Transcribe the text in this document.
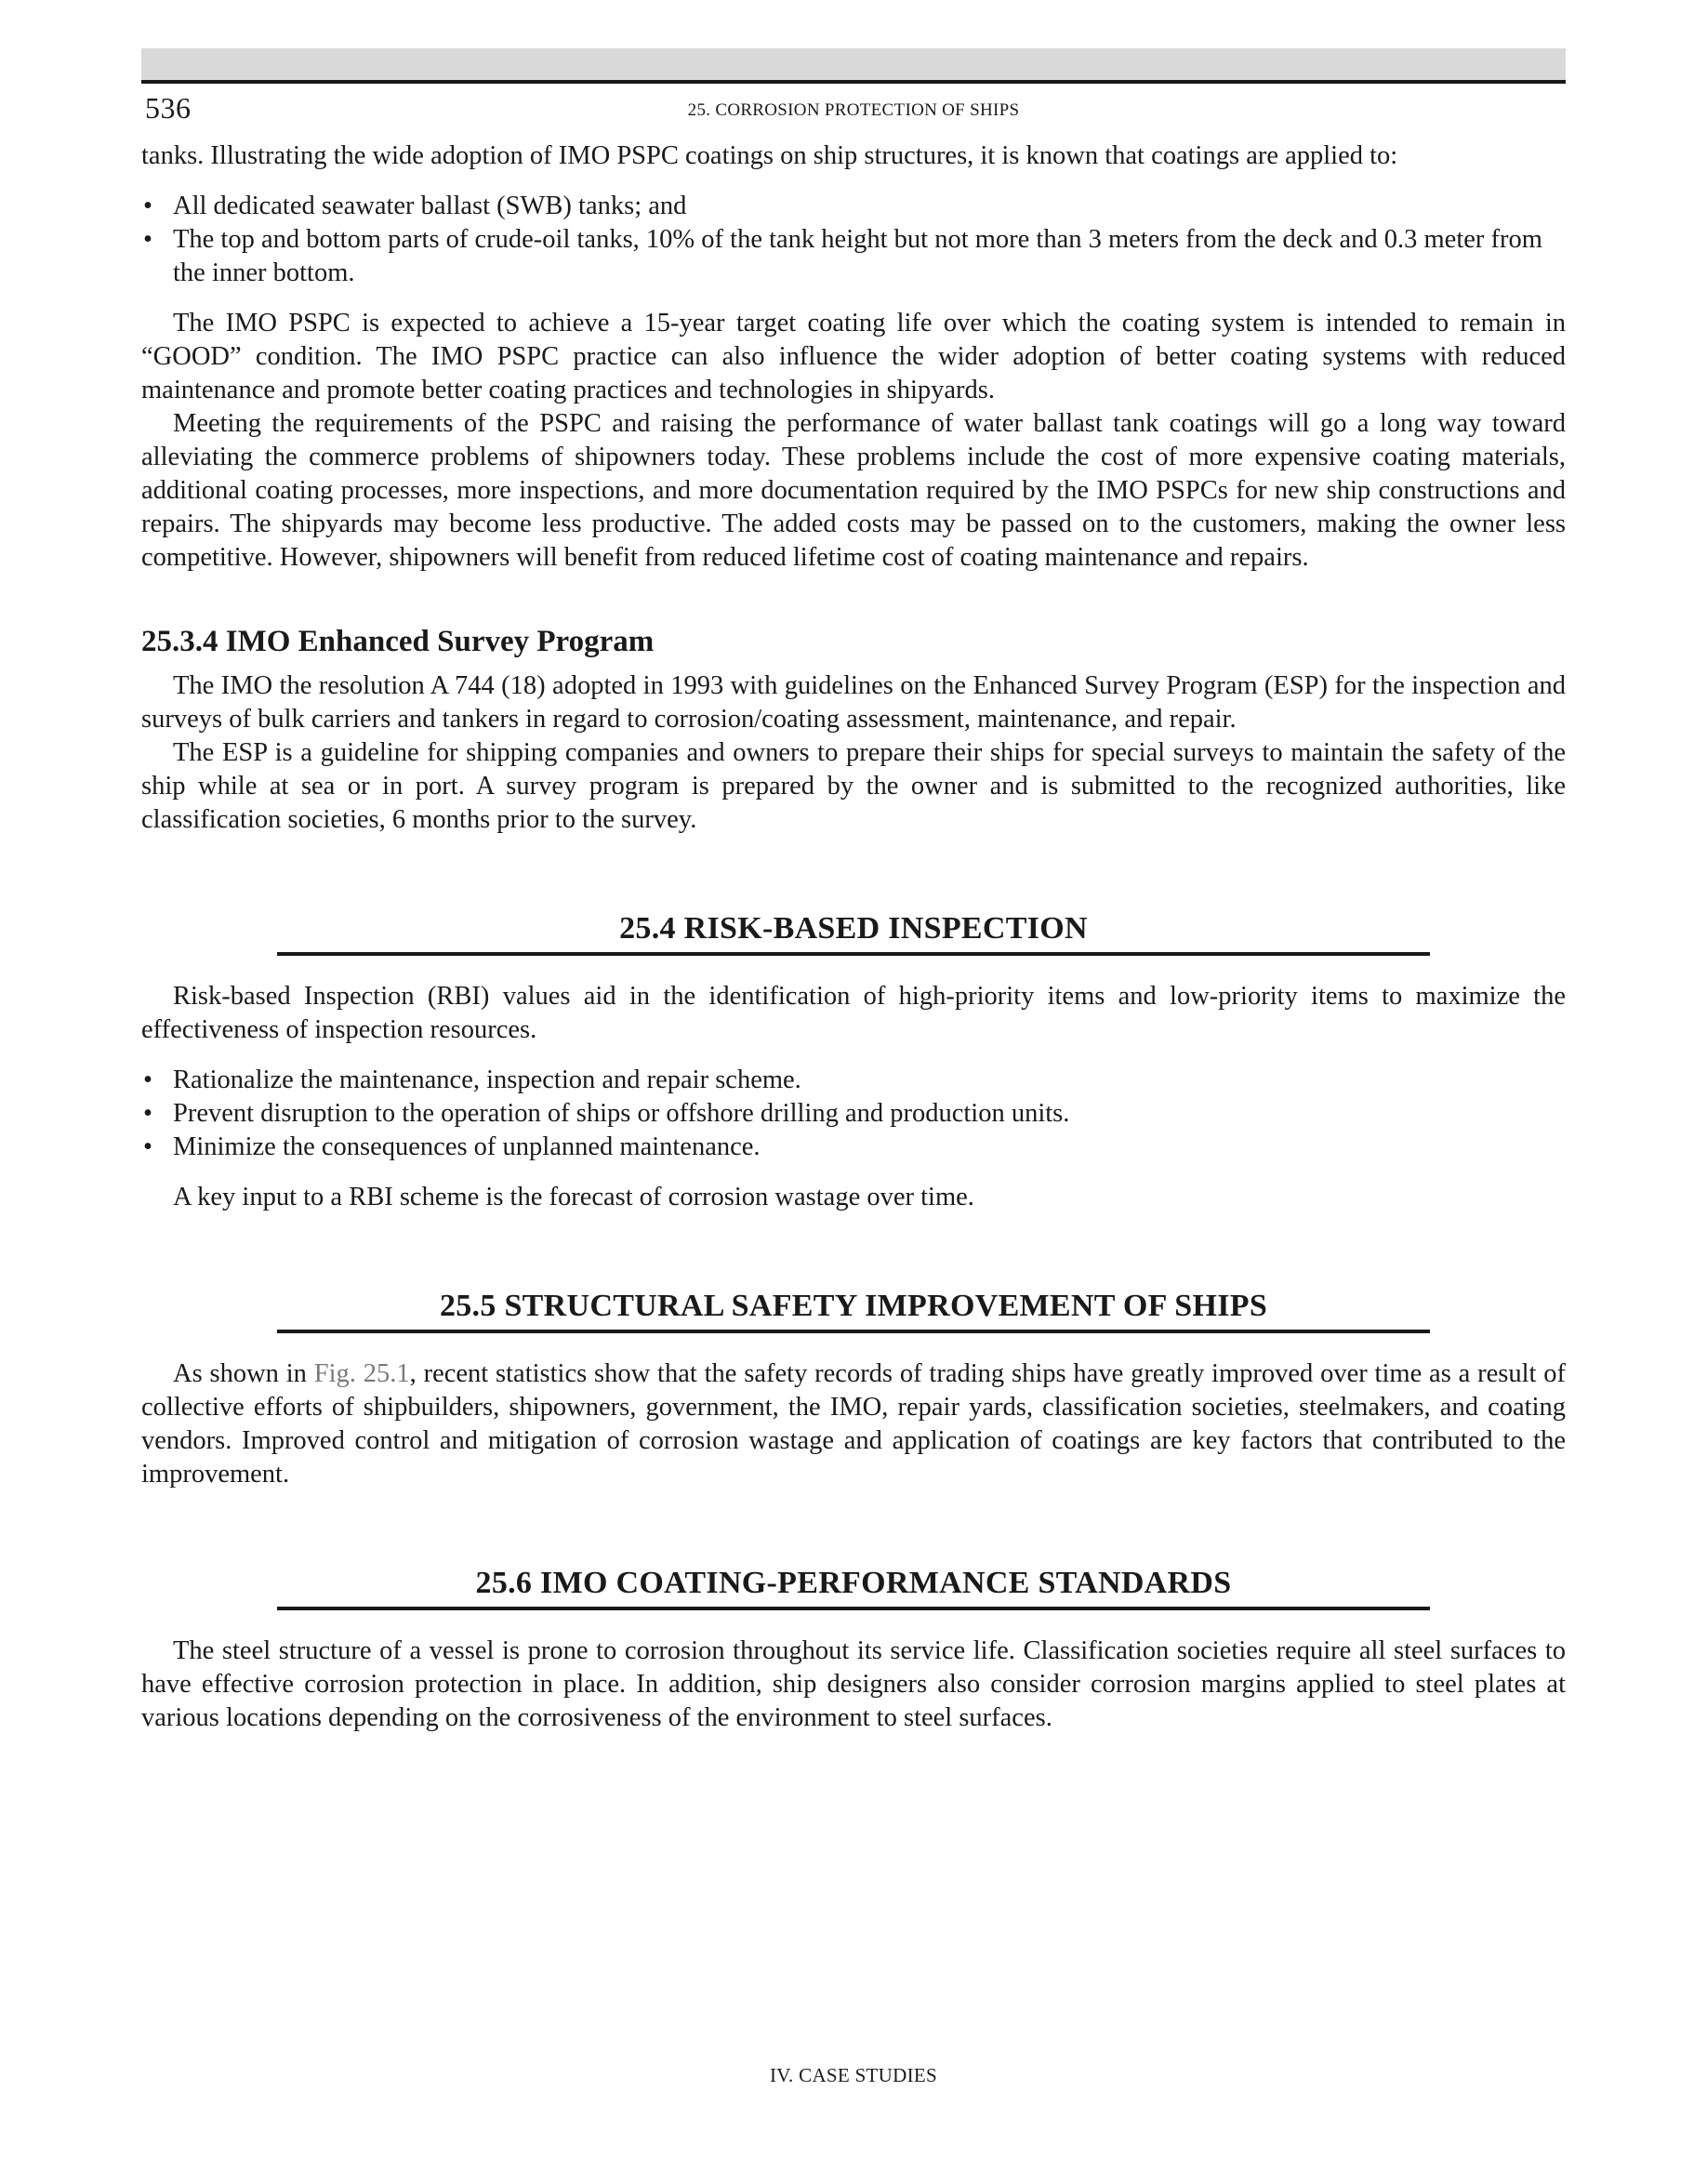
536	25. CORROSION PROTECTION OF SHIPS

tanks. Illustrating the wide adoption of IMO PSPC coatings on ship structures, it is known that coatings are applied to:

• All dedicated seawater ballast (SWB) tanks; and
• The top and bottom parts of crude-oil tanks, 10% of the tank height but not more than 3 meters from the deck and 0.3 meter from the inner bottom.

The IMO PSPC is expected to achieve a 15-year target coating life over which the coating system is intended to remain in “GOOD” condition. The IMO PSPC practice can also influence the wider adoption of better coating systems with reduced maintenance and promote better coating practices and technologies in shipyards.

Meeting the requirements of the PSPC and raising the performance of water ballast tank coatings will go a long way toward alleviating the commerce problems of shipowners today. These problems include the cost of more expensive coating materials, additional coating processes, more inspections, and more documentation required by the IMO PSPCs for new ship constructions and repairs. The shipyards may become less productive. The added costs may be passed on to the customers, making the owner less competitive. However, shipowners will benefit from reduced lifetime cost of coating maintenance and repairs.

25.3.4 IMO Enhanced Survey Program

The IMO the resolution A 744 (18) adopted in 1993 with guidelines on the Enhanced Survey Program (ESP) for the inspection and surveys of bulk carriers and tankers in regard to corrosion/coating assessment, maintenance, and repair.

The ESP is a guideline for shipping companies and owners to prepare their ships for special surveys to maintain the safety of the ship while at sea or in port. A survey program is prepared by the owner and is submitted to the recognized authorities, like classification societies, 6 months prior to the survey.

25.4 RISK-BASED INSPECTION

Risk-based Inspection (RBI) values aid in the identification of high-priority items and low-priority items to maximize the effectiveness of inspection resources.

• Rationalize the maintenance, inspection and repair scheme.
• Prevent disruption to the operation of ships or offshore drilling and production units.
• Minimize the consequences of unplanned maintenance.

A key input to a RBI scheme is the forecast of corrosion wastage over time.

25.5 STRUCTURAL SAFETY IMPROVEMENT OF SHIPS

As shown in Fig. 25.1, recent statistics show that the safety records of trading ships have greatly improved over time as a result of collective efforts of shipbuilders, shipowners, government, the IMO, repair yards, classification societies, steelmakers, and coating vendors. Improved control and mitigation of corrosion wastage and application of coatings are key factors that contributed to the improvement.

25.6 IMO COATING-PERFORMANCE STANDARDS

The steel structure of a vessel is prone to corrosion throughout its service life. Classification societies require all steel surfaces to have effective corrosion protection in place. In addition, ship designers also consider corrosion margins applied to steel plates at various locations depending on the corrosiveness of the environment to steel surfaces.

IV. CASE STUDIES
